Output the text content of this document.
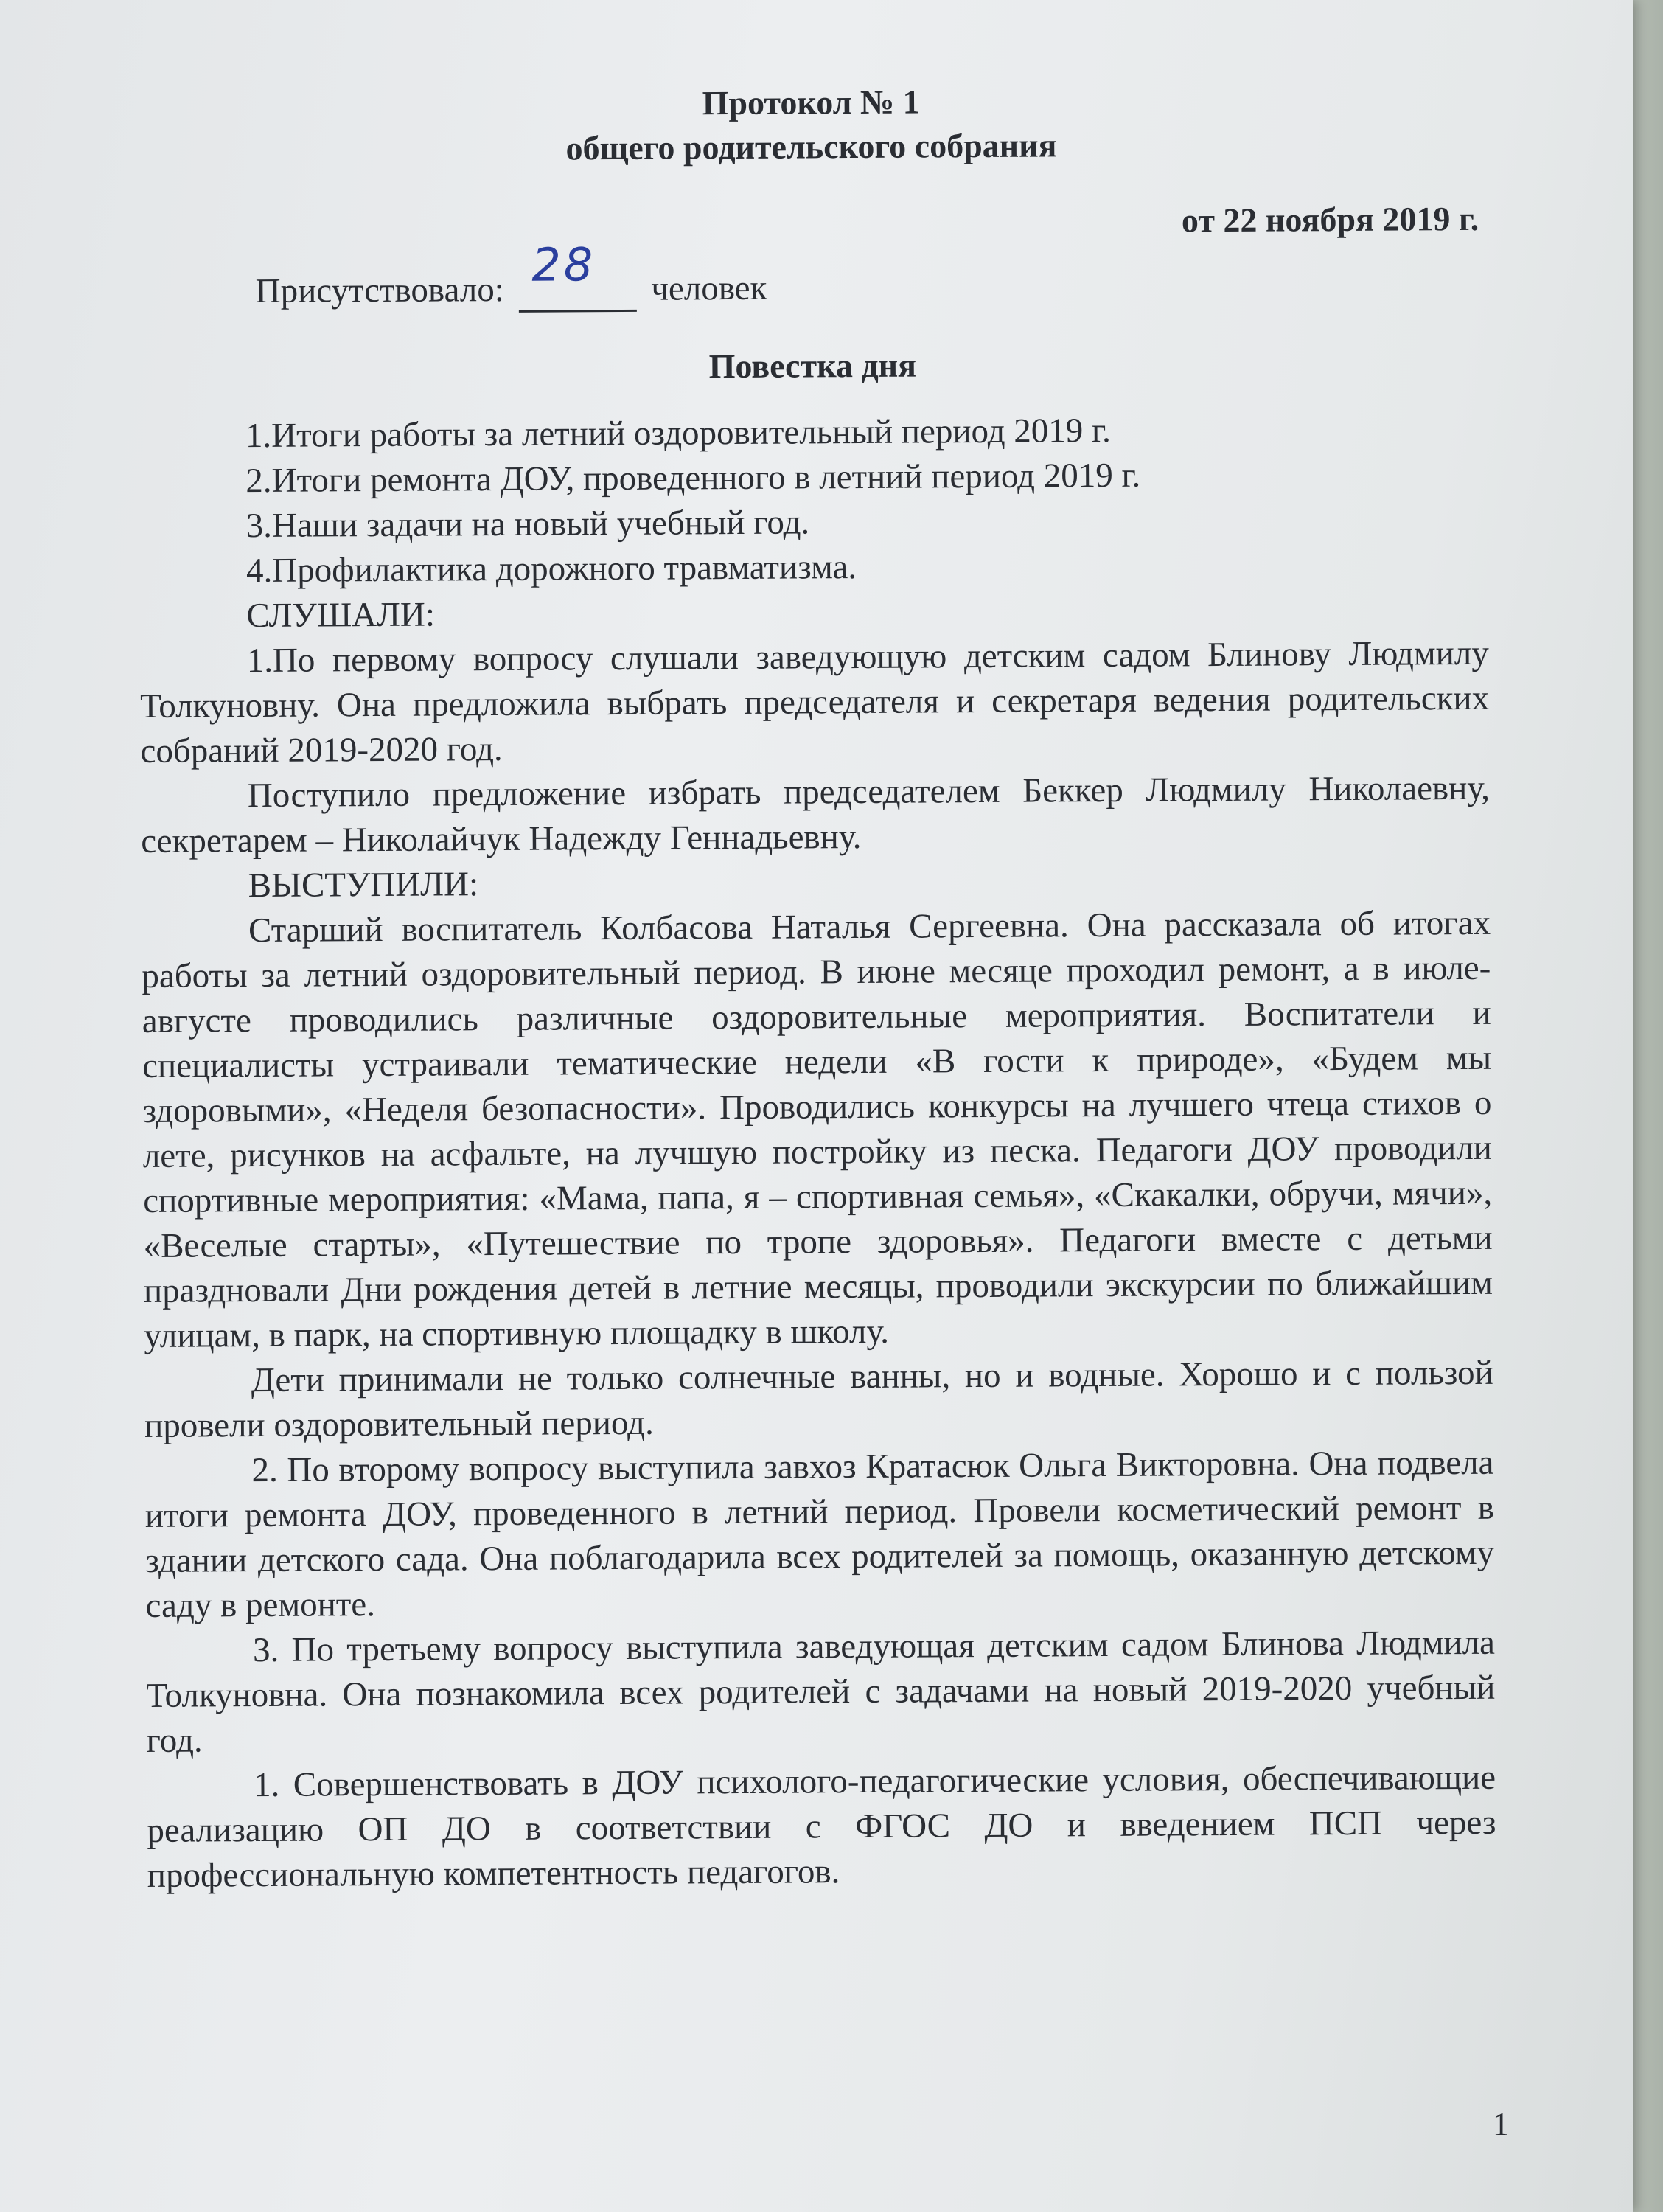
Протокол № 1
общего родительского собрания
от 22 ноября 2019 г.
Присутствовало: 28 человек
Повестка дня
1.Итоги работы за летний оздоровительный период 2019 г.
2.Итоги ремонта ДОУ, проведенного в летний период 2019 г.
3.Наши задачи на новый учебный год.
4.Профилактика дорожного травматизма.
СЛУШАЛИ:

1.По первому вопросу слушали заведующую детским садом Блинову Людмилу Толкуновну. Она предложила выбрать председателя и секретаря ведения родительских собраний 2019-2020 год.

Поступило предложение избрать председателем Беккер Людмилу Николаевну, секретарем – Николайчук Надежду Геннадьевну.

ВЫСТУПИЛИ:

Старший воспитатель Колбасова Наталья Сергеевна. Она рассказала об итогах работы за летний оздоровительный период. В июне месяце проходил ремонт, а в июле-августе проводились различные оздоровительные мероприятия. Воспитатели и специалисты устраивали тематические недели «В гости к природе», «Будем мы здоровыми», «Неделя безопасности». Проводились конкурсы на лучшего чтеца стихов о лете, рисунков на асфальте, на лучшую постройку из песка. Педагоги ДОУ проводили спортивные мероприятия: «Мама, папа, я – спортивная семья», «Скакалки, обручи, мячи», «Веселые старты», «Путешествие по тропе здоровья». Педагоги вместе с детьми праздновали Дни рождения детей в летние месяцы, проводили экскурсии по ближайшим улицам, в парк, на спортивную площадку в школу.

Дети принимали не только солнечные ванны, но и водные. Хорошо и с пользой провели оздоровительный период.

2. По второму вопросу выступила завхоз Кратасюк Ольга Викторовна. Она подвела итоги ремонта ДОУ, проведенного в летний период. Провели косметический ремонт в здании детского сада. Она поблагодарила всех родителей за помощь, оказанную детскому саду в ремонте.

3. По третьему вопросу выступила заведующая детским садом Блинова Людмила Толкуновна. Она познакомила всех родителей с задачами на новый 2019-2020 учебный год.

1. Совершенствовать в ДОУ психолого-педагогические условия, обеспечивающие реализацию ОП ДО в соответствии с ФГОС ДО и введением ПСП через профессиональную компетентность педагогов.

1
